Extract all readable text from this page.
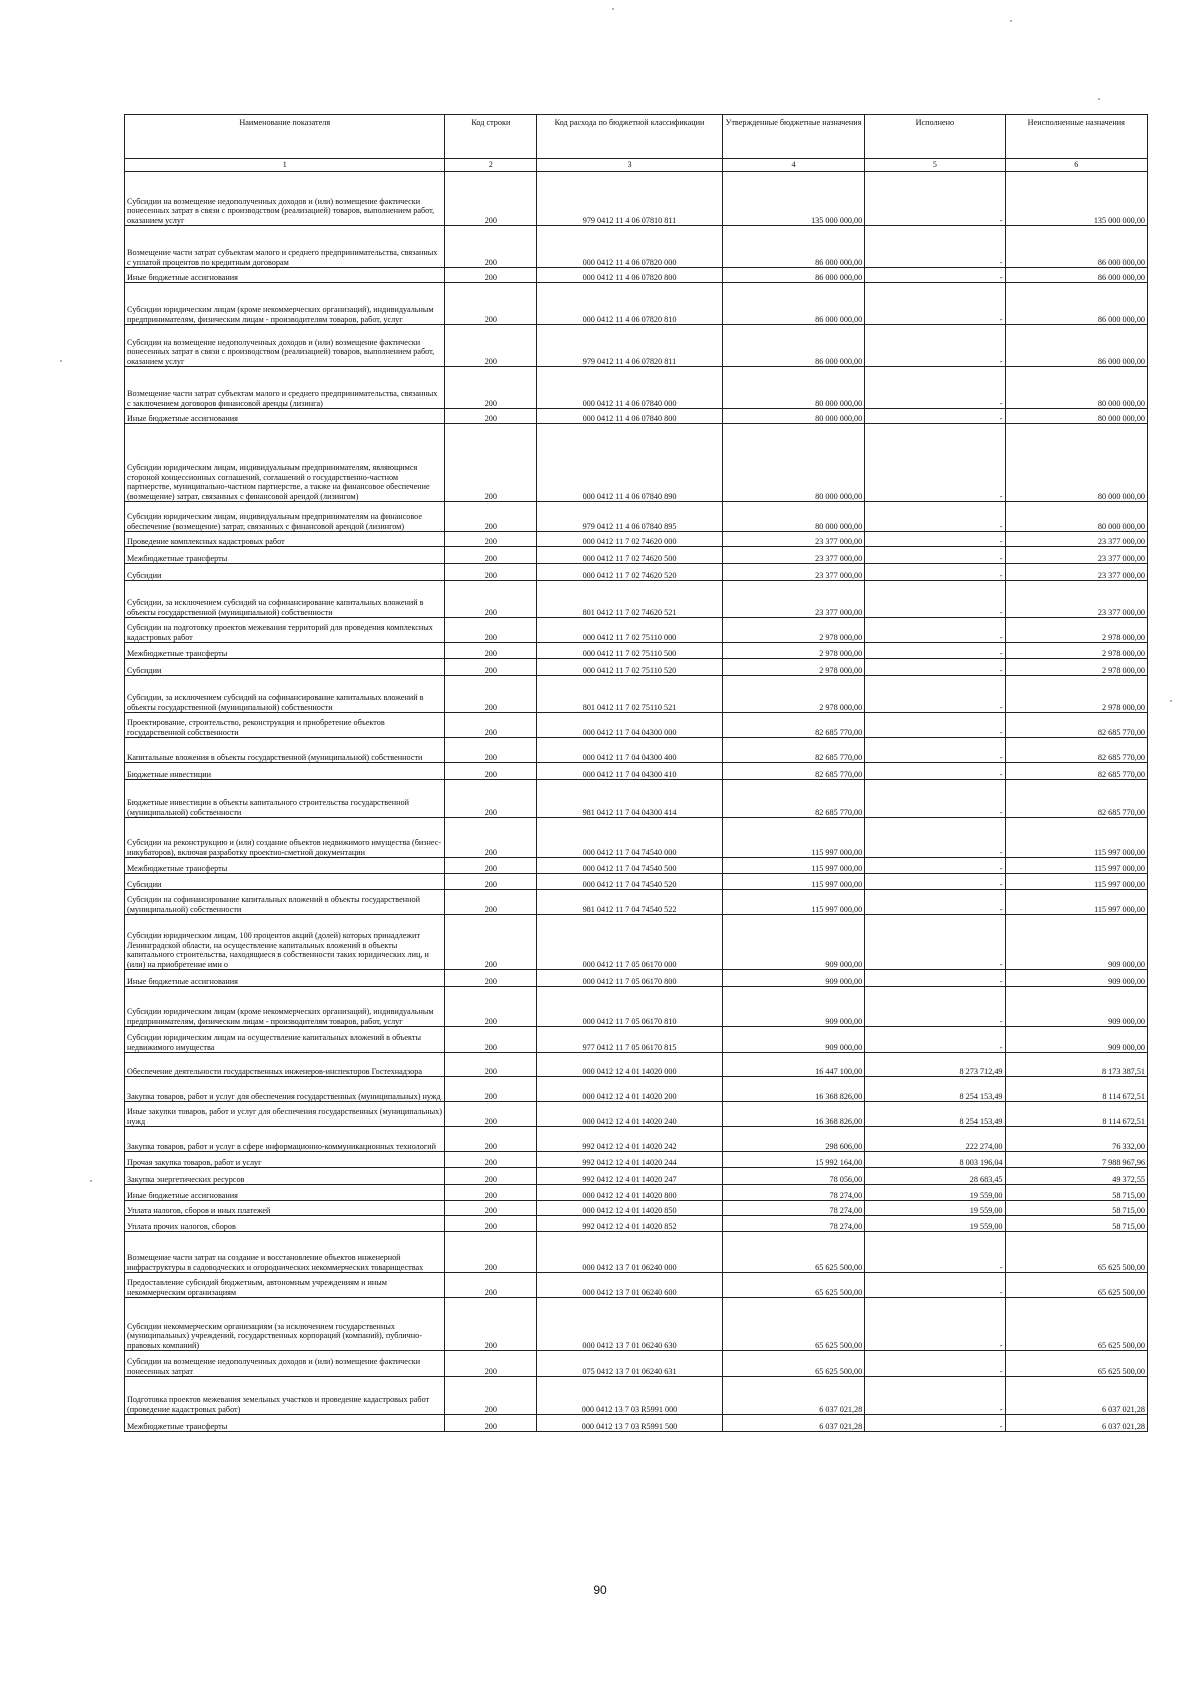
Наименование показателя	Код строки	Код расхода по бюджетной классификации	Утвержденные бюджетные назначения	Исполнено	Неисполненные назначения
1	2	3	4	5	6
Субсидии на возмещение недополученных доходов и (или) возмещение фактически понесенных затрат в связи с производством (реализацией) товаров, выполнением работ, оказанием услуг	200	979 0412 11 4 06 07810 811	135 000 000,00	-	135 000 000,00
Возмещение части затрат субъектам малого и среднего предпринимательства, связанных с уплатой процентов по кредитным договорам	200	000 0412 11 4 06 07820 000	86 000 000,00	-	86 000 000,00
Иные бюджетные ассигнования	200	000 0412 11 4 06 07820 800	86 000 000,00	-	86 000 000,00
Субсидии юридическим лицам (кроме некоммерческих организаций), индивидуальным предпринимателям, физическим лицам - производителям товаров, работ, услуг	200	000 0412 11 4 06 07820 810	86 000 000,00	-	86 000 000,00
Субсидии на возмещение недополученных доходов и (или) возмещение фактически понесенных затрат в связи с производством (реализацией) товаров, выполнением работ, оказанием услуг	200	979 0412 11 4 06 07820 811	86 000 000,00	-	86 000 000,00
Возмещение части затрат субъектам малого и среднего предпринимательства, связанных с заключением договоров финансовой аренды (лизинга)	200	000 0412 11 4 06 07840 000	80 000 000,00	-	80 000 000,00
Иные бюджетные ассигнования	200	000 0412 11 4 06 07840 800	80 000 000,00	-	80 000 000,00
Субсидии юридическим лицам, индивидуальным предпринимателям, являющимся стороной концессионных соглашений, соглашений о государственно-частном партнерстве, муниципально-частном партнерстве, а также на финансовое обеспечение (возмещение) затрат, связанных с финансовой арендой (лизингом)	200	000 0412 11 4 06 07840 890	80 000 000,00	-	80 000 000,00
Субсидии юридическим лицам, индивидуальным предпринимателям на финансовое обеспечение (возмещение) затрат, связанных с финансовой арендой (лизингом)	200	979 0412 11 4 06 07840 895	80 000 000,00	-	80 000 000,00
Проведение комплексных кадастровых работ	200	000 0412 11 7 02 74620 000	23 377 000,00	-	23 377 000,00
Межбюджетные трансферты	200	000 0412 11 7 02 74620 500	23 377 000,00	-	23 377 000,00
Субсидии	200	000 0412 11 7 02 74620 520	23 377 000,00	-	23 377 000,00
Субсидии, за исключением субсидий на софинансирование капитальных вложений в объекты государственной (муниципальной) собственности	200	801 0412 11 7 02 74620 521	23 377 000,00	-	23 377 000,00
Субсидии на подготовку проектов межевания территорий для проведения комплексных кадастровых работ	200	000 0412 11 7 02 75110 000	2 978 000,00	-	2 978 000,00
Межбюджетные трансферты	200	000 0412 11 7 02 75110 500	2 978 000,00	-	2 978 000,00
Субсидии	200	000 0412 11 7 02 75110 520	2 978 000,00	-	2 978 000,00
Субсидии, за исключением субсидий на софинансирование капитальных вложений в объекты государственной (муниципальной) собственности	200	801 0412 11 7 02 75110 521	2 978 000,00	-	2 978 000,00
Проектирование, строительство, реконструкция и приобретение объектов государственной собственности	200	000 0412 11 7 04 04300 000	82 685 770,00	-	82 685 770,00
Капитальные вложения в объекты государственной (муниципальной) собственности	200	000 0412 11 7 04 04300 400	82 685 770,00	-	82 685 770,00
Бюджетные инвестиции	200	000 0412 11 7 04 04300 410	82 685 770,00	-	82 685 770,00
Бюджетные инвестиции в объекты капитального строительства государственной (муниципальной) собственности	200	981 0412 11 7 04 04300 414	82 685 770,00	-	82 685 770,00
Субсидии на реконструкцию и (или) создание объектов недвижимого имущества (бизнес-инкубаторов), включая разработку проектно-сметной документации	200	000 0412 11 7 04 74540 000	115 997 000,00	-	115 997 000,00
Межбюджетные трансферты	200	000 0412 11 7 04 74540 500	115 997 000,00	-	115 997 000,00
Субсидии	200	000 0412 11 7 04 74540 520	115 997 000,00	-	115 997 000,00
Субсидии на софинансирование капитальных вложений в объекты государственной (муниципальной) собственности	200	981 0412 11 7 04 74540 522	115 997 000,00	-	115 997 000,00
Субсидии юридическим лицам, 100 процентов акций (долей) которых принадлежит Ленинградской области, на осуществление капитальных вложений в объекты капитального строительства, находящиеся в собственности таких юридических лиц, и (или) на приобретение ими о	200	000 0412 11 7 05 06170 000	909 000,00	-	909 000,00
Иные бюджетные ассигнования	200	000 0412 11 7 05 06170 800	909 000,00	-	909 000,00
Субсидии юридическим лицам (кроме некоммерческих организаций), индивидуальным предпринимателям, физическим лицам - производителям товаров, работ, услуг	200	000 0412 11 7 05 06170 810	909 000,00	-	909 000,00
Субсидии юридическим лицам на осуществление капитальных вложений в объекты недвижимого имущества	200	977 0412 11 7 05 06170 815	909 000,00	-	909 000,00
Обеспечение деятельности государственных инженеров-инспекторов Гостехнадзора	200	000 0412 12 4 01 14020 000	16 447 100,00	8 273 712,49	8 173 387,51
Закупка товаров, работ и услуг для обеспечения государственных (муниципальных) нужд	200	000 0412 12 4 01 14020 200	16 368 826,00	8 254 153,49	8 114 672,51
Иные закупки товаров, работ и услуг для обеспечения государственных (муниципальных) нужд	200	000 0412 12 4 01 14020 240	16 368 826,00	8 254 153,49	8 114 672,51
Закупка товаров, работ и услуг в сфере информационно-коммуникационных технологий	200	992 0412 12 4 01 14020 242	298 606,00	222 274,00	76 332,00
Прочая закупка товаров, работ и услуг	200	992 0412 12 4 01 14020 244	15 992 164,00	8 003 196,04	7 988 967,96
Закупка энергетических ресурсов	200	992 0412 12 4 01 14020 247	78 056,00	28 683,45	49 372,55
Иные бюджетные ассигнования	200	000 0412 12 4 01 14020 800	78 274,00	19 559,00	58 715,00
Уплата налогов, сборов и иных платежей	200	000 0412 12 4 01 14020 850	78 274,00	19 559,00	58 715,00
Уплата прочих налогов, сборов	200	992 0412 12 4 01 14020 852	78 274,00	19 559,00	58 715,00
Возмещение части затрат на создание и восстановление объектов инженерной инфраструктуры в садоводческих и огороднических некоммерческих товариществах	200	000 0412 13 7 01 06240 000	65 625 500,00	-	65 625 500,00
Предоставление субсидий бюджетным, автономным учреждениям и иным некоммерческим организациям	200	000 0412 13 7 01 06240 600	65 625 500,00	-	65 625 500,00
Субсидии некоммерческим организациям (за исключением государственных (муниципальных) учреждений, государственных корпораций (компаний), публично-правовых компаний)	200	000 0412 13 7 01 06240 630	65 625 500,00	-	65 625 500,00
Субсидии на возмещение недополученных доходов и (или) возмещение фактически понесенных затрат	200	075 0412 13 7 01 06240 631	65 625 500,00	-	65 625 500,00
Подготовка проектов межевания земельных участков и проведение кадастровых работ (проведение кадастровых работ)	200	000 0412 13 7 03 R5991 000	6 037 021,28	-	6 037 021,28
Межбюджетные трансферты	200	000 0412 13 7 03 R5991 500	6 037 021,28	-	6 037 021,28
90
